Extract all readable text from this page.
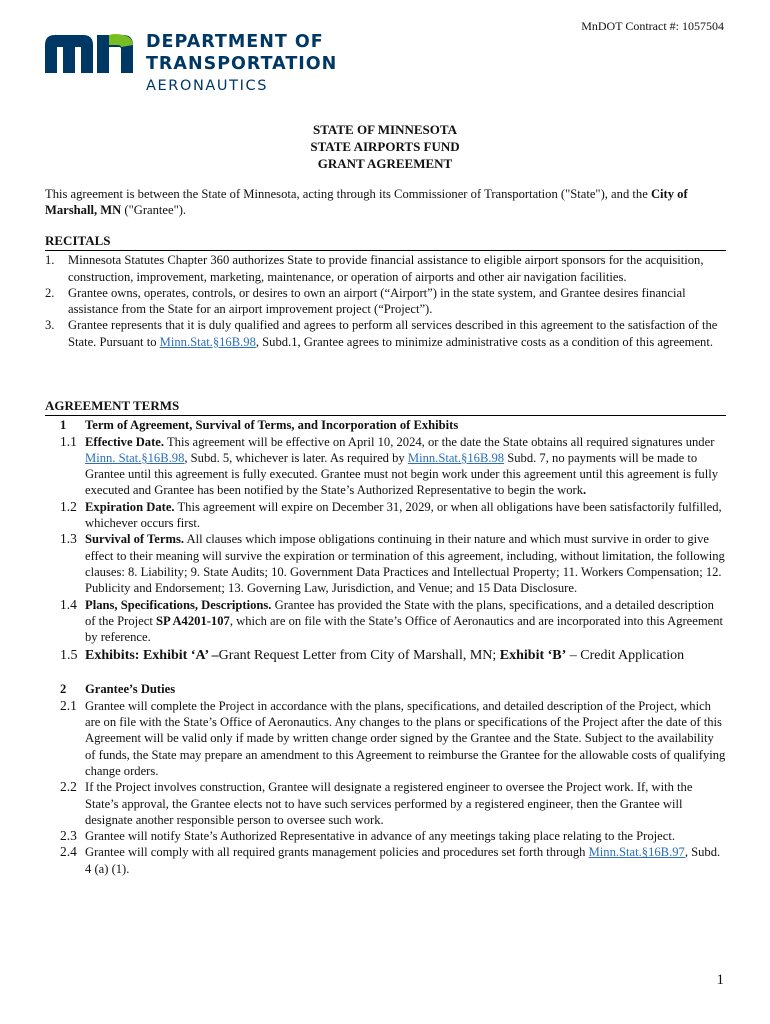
MnDOT Contract #: 1057504
DEPARTMENT OF
TRANSPORTATION
AERONAUTICS
STATE OF MINNESOTA
STATE AIRPORTS FUND
GRANT AGREEMENT
This agreement is between the State of Minnesota, acting through its Commissioner of Transportation ("State"), and the City of Marshall, MN ("Grantee").
RECITALS
1. Minnesota Statutes Chapter 360 authorizes State to provide financial assistance to eligible airport sponsors for the acquisition, construction, improvement, marketing, maintenance, or operation of airports and other air navigation facilities.
2. Grantee owns, operates, controls, or desires to own an airport (“Airport”) in the state system, and Grantee desires financial assistance from the State for an airport improvement project (“Project”).
3. Grantee represents that it is duly qualified and agrees to perform all services described in this agreement to the satisfaction of the State. Pursuant to Minn.Stat.§16B.98, Subd.1, Grantee agrees to minimize administrative costs as a condition of this agreement.
AGREEMENT TERMS
1 Term of Agreement, Survival of Terms, and Incorporation of Exhibits
1.1 Effective Date. This agreement will be effective on April 10, 2024, or the date the State obtains all required signatures under Minn. Stat.§16B.98, Subd. 5, whichever is later. As required by Minn.Stat.§16B.98 Subd. 7, no payments will be made to Grantee until this agreement is fully executed. Grantee must not begin work under this agreement until this agreement is fully executed and Grantee has been notified by the State’s Authorized Representative to begin the work.
1.2 Expiration Date. This agreement will expire on December 31, 2029, or when all obligations have been satisfactorily fulfilled, whichever occurs first.
1.3 Survival of Terms. All clauses which impose obligations continuing in their nature and which must survive in order to give effect to their meaning will survive the expiration or termination of this agreement, including, without limitation, the following clauses: 8. Liability; 9. State Audits; 10. Government Data Practices and Intellectual Property; 11. Workers Compensation; 12. Publicity and Endorsement; 13. Governing Law, Jurisdiction, and Venue; and 15 Data Disclosure.
1.4 Plans, Specifications, Descriptions. Grantee has provided the State with the plans, specifications, and a detailed description of the Project SP A4201-107, which are on file with the State’s Office of Aeronautics and are incorporated into this Agreement by reference.
1.5 Exhibits: Exhibit ‘A’ –Grant Request Letter from City of Marshall, MN; Exhibit ‘B’ – Credit Application
2 Grantee’s Duties
2.1 Grantee will complete the Project in accordance with the plans, specifications, and detailed description of the Project, which are on file with the State’s Office of Aeronautics. Any changes to the plans or specifications of the Project after the date of this Agreement will be valid only if made by written change order signed by the Grantee and the State. Subject to the availability of funds, the State may prepare an amendment to this Agreement to reimburse the Grantee for the allowable costs of qualifying change orders.
2.2 If the Project involves construction, Grantee will designate a registered engineer to oversee the Project work. If, with the State’s approval, the Grantee elects not to have such services performed by a registered engineer, then the Grantee will designate another responsible person to oversee such work.
2.3 Grantee will notify State’s Authorized Representative in advance of any meetings taking place relating to the Project.
2.4 Grantee will comply with all required grants management policies and procedures set forth through Minn.Stat.§16B.97, Subd. 4 (a) (1).
1
